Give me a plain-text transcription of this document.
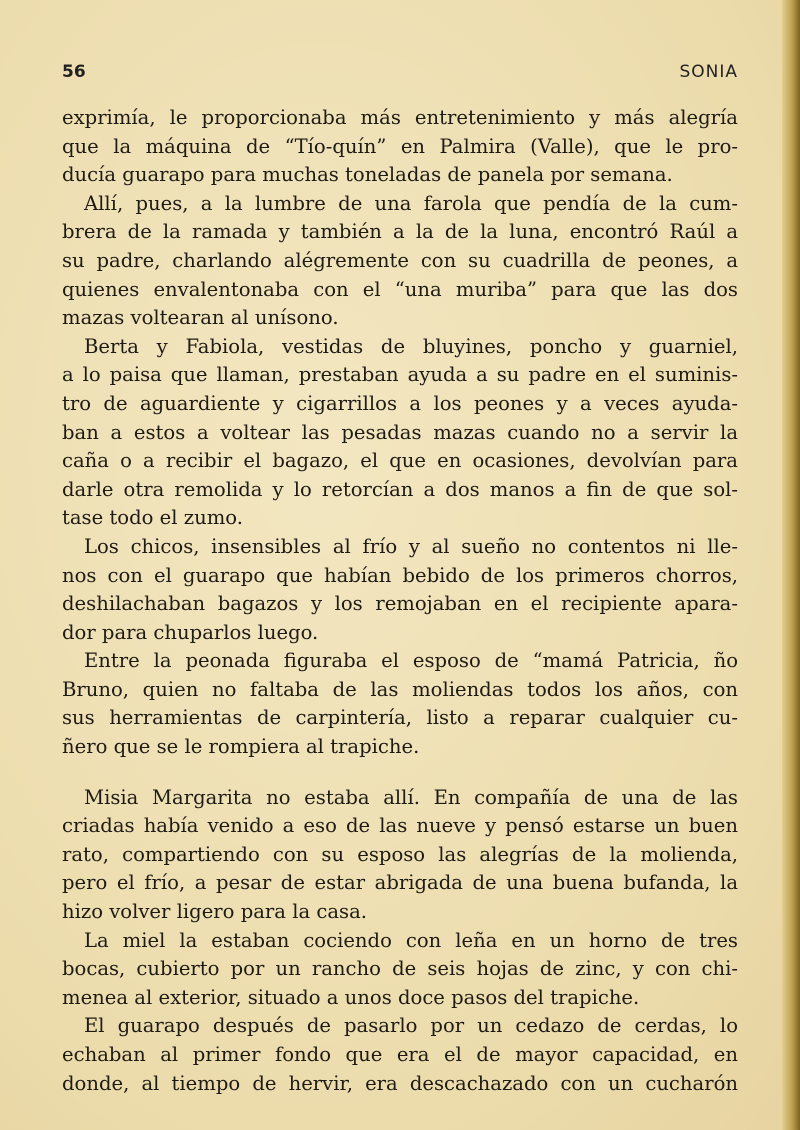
56	SONIA
exprimía, le proporcionaba más entretenimiento y más alegría
que la máquina de “Tío-quín” en Palmira (Valle), que le pro-
ducía guarapo para muchas toneladas de panela por semana.
Allí, pues, a la lumbre de una farola que pendía de la cum-
brera de la ramada y también a la de la luna, encontró Raúl a
su padre, charlando alégremente con su cuadrilla de peones, a
quienes envalentonaba con el “una muriba” para que las dos
mazas voltearan al unísono.
Berta y Fabiola, vestidas de bluyines, poncho y guarniel,
a lo paisa que llaman, prestaban ayuda a su padre en el suminis-
tro de aguardiente y cigarrillos a los peones y a veces ayuda-
ban a estos a voltear las pesadas mazas cuando no a servir la
caña o a recibir el bagazo, el que en ocasiones, devolvían para
darle otra remolida y lo retorcían a dos manos a fin de que sol-
tase todo el zumo.
Los chicos, insensibles al frío y al sueño no contentos ni lle-
nos con el guarapo que habían bebido de los primeros chorros,
deshilachaban bagazos y los remojaban en el recipiente apara-
dor para chuparlos luego.
Entre la peonada figuraba el esposo de “mamá Patricia, ño
Bruno, quien no faltaba de las moliendas todos los años, con
sus herramientas de carpintería, listo a reparar cualquier cu-
ñero que se le rompiera al trapiche.
Misia Margarita no estaba allí. En compañía de una de las
criadas había venido a eso de las nueve y pensó estarse un buen
rato, compartiendo con su esposo las alegrías de la molienda,
pero el frío, a pesar de estar abrigada de una buena bufanda, la
hizo volver ligero para la casa.
La miel la estaban cociendo con leña en un horno de tres
bocas, cubierto por un rancho de seis hojas de zinc, y con chi-
menea al exterior, situado a unos doce pasos del trapiche.
El guarapo después de pasarlo por un cedazo de cerdas, lo
echaban al primer fondo que era el de mayor capacidad, en
donde, al tiempo de hervir, era descachazado con un cucharón
